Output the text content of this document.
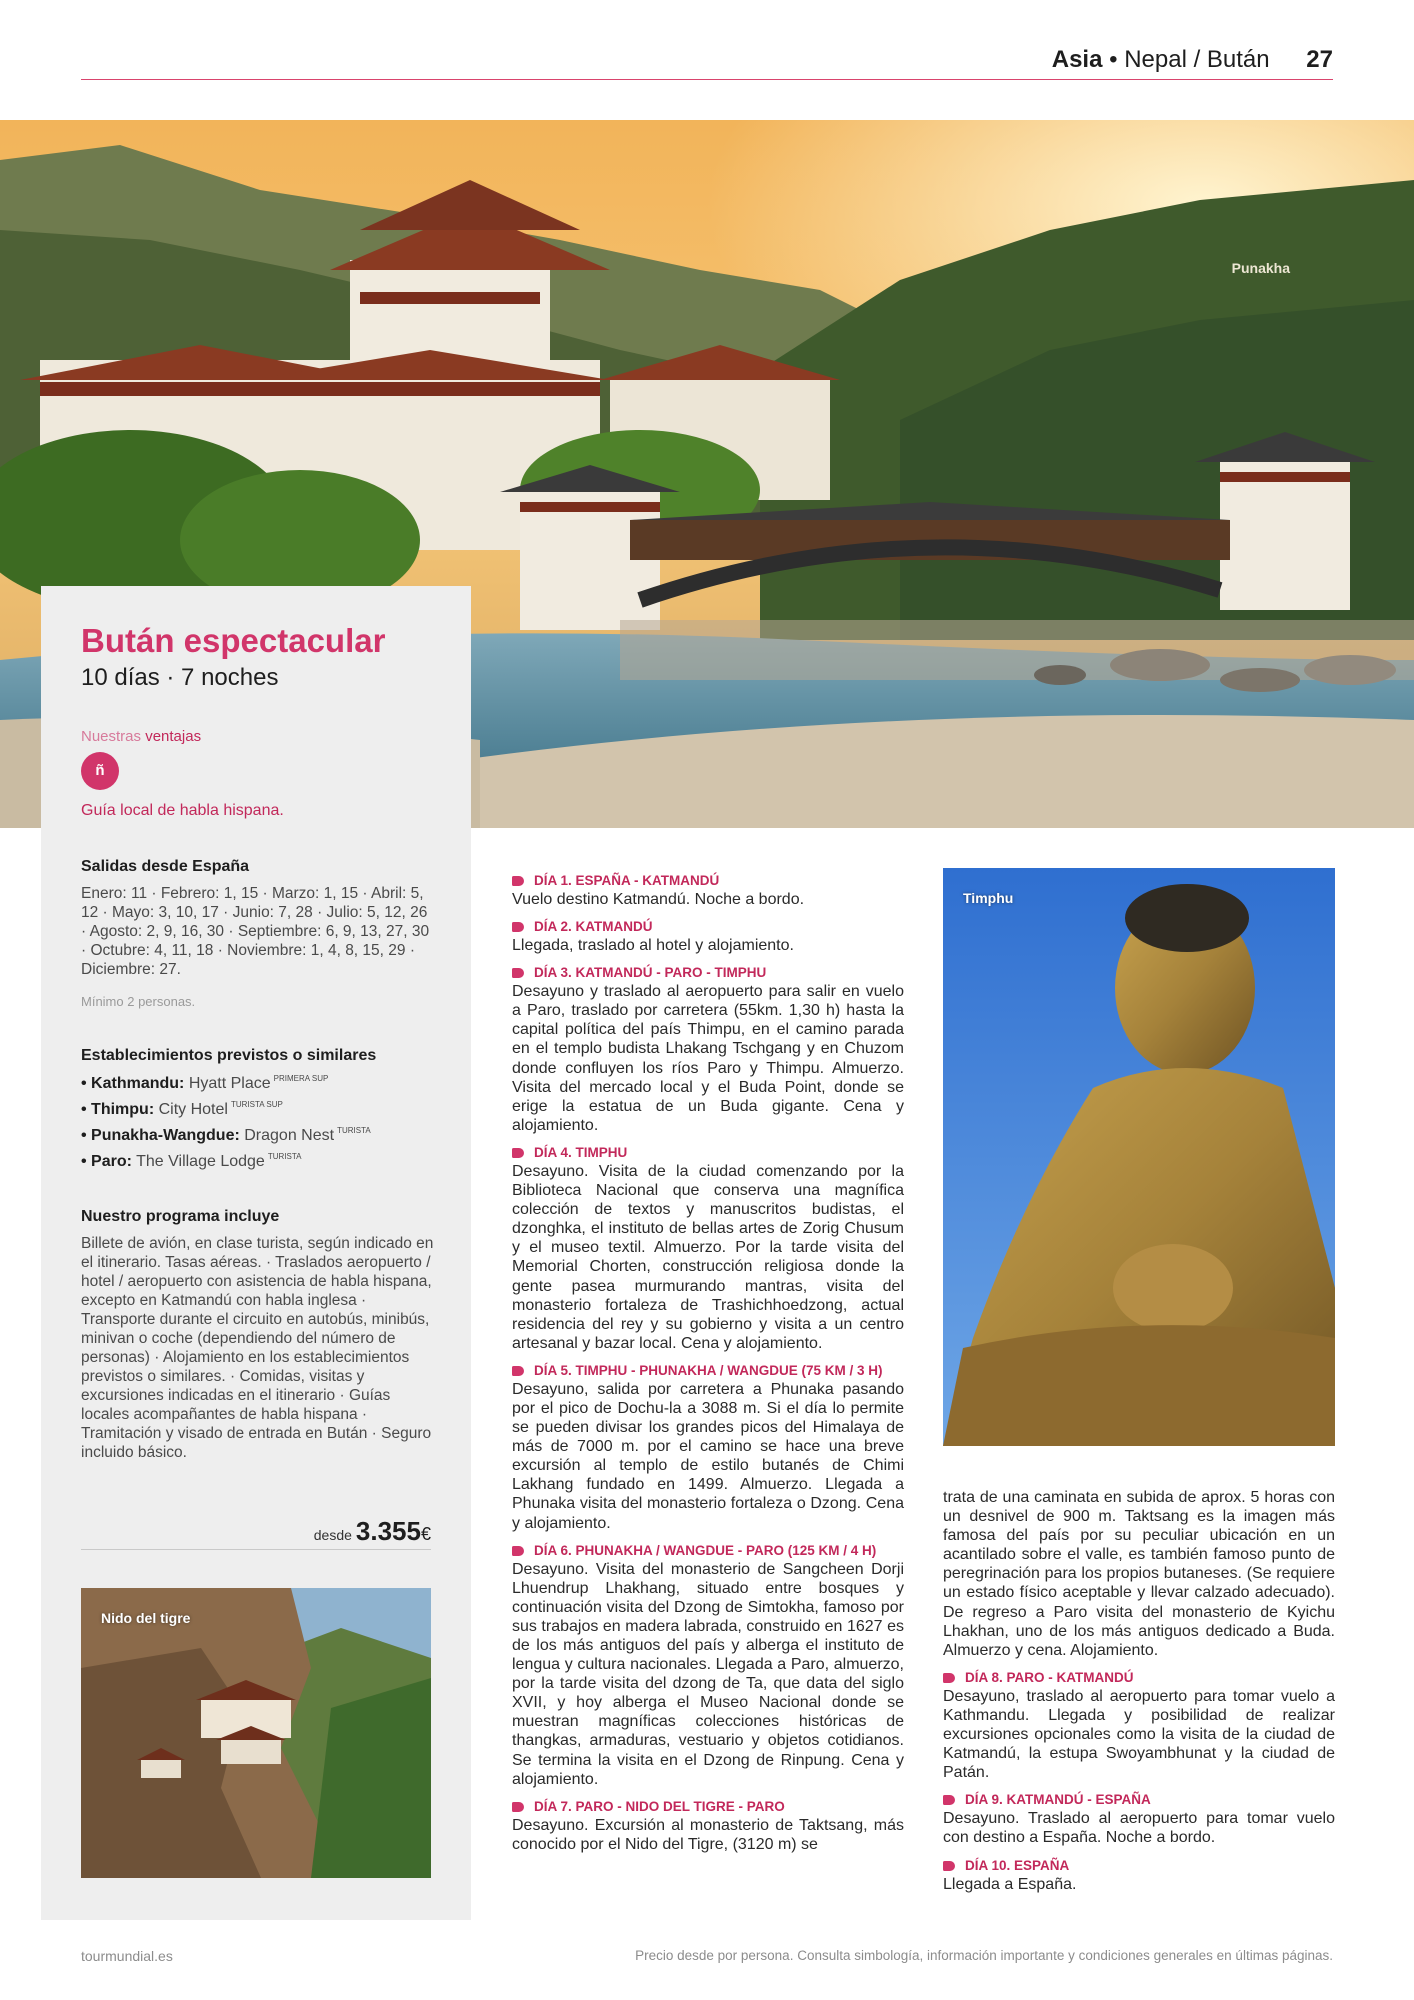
Asia • Nepal / Bután 27
Punakha
Bután espectacular
10 días · 7 noches
Nuestras ventajas
ñ
Guía local de habla hispana.
Salidas desde España
Enero: 11 · Febrero: 1, 15 · Marzo: 1, 15 · Abril: 5, 12 · Mayo: 3, 10, 17 · Junio: 7, 28 · Julio: 5, 12, 26 · Agosto: 2, 9, 16, 30 · Septiembre: 6, 9, 13, 27, 30 · Octubre: 4, 11, 18 · Noviembre: 1, 4, 8, 15, 29 · Diciembre: 27.
Mínimo 2 personas.
Establecimientos previstos o similares
• Kathmandu: Hyatt Place $^{PRIMERA SUP}$
• Thimpu: City Hotel $^{TURISTA SUP}$
• Punakha-Wangdue: Dragon Nest $^{TURISTA}$
• Paro: The Village Lodge $^{TURISTA}$
Nuestro programa incluye
Billete de avión, en clase turista, según indicado en el itinerario. Tasas aéreas. · Traslados aeropuerto / hotel / aeropuerto con asistencia de habla hispana, excepto en Katmandú con habla inglesa · Transporte durante el circuito en autobús, minibús, minivan o coche (dependiendo del número de personas) · Alojamiento en los establecimientos previstos o similares. · Comidas, visitas y excursiones indicadas en el itinerario · Guías locales acompañantes de habla hispana · Tramitación y visado de entrada en Bután · Seguro incluido básico.
desde 3.355€
Nido del tigre
DÍA 1. ESPAÑA - KATMANDÚ
Vuelo destino Katmandú. Noche a bordo.
DÍA 2. KATMANDÚ
Llegada, traslado al hotel y alojamiento.
DÍA 3. KATMANDÚ - PARO - TIMPHU
Desayuno y traslado al aeropuerto para salir en vuelo a Paro, traslado por carretera (55km. 1,30 h) hasta la capital política del país Thimpu, en el camino parada en el templo budista Lhakang Tschgang y en Chuzom donde confluyen los ríos Paro y Thimpu. Almuerzo. Visita del mercado local y el Buda Point, donde se erige la estatua de un Buda gigante. Cena y alojamiento.
DÍA 4. TIMPHU
Desayuno. Visita de la ciudad comenzando por la Biblioteca Nacional que conserva una magnífica colección de textos y manuscritos budistas, el dzonghka, el instituto de bellas artes de Zorig Chusum y el museo textil. Almuerzo. Por la tarde visita del Memorial Chorten, construcción religiosa donde la gente pasea murmurando mantras, visita del monasterio fortaleza de Trashichhoedzong, actual residencia del rey y su gobierno y visita a un centro artesanal y bazar local. Cena y alojamiento.
DÍA 5. TIMPHU - PHUNAKHA / WANGDUE (75 KM / 3 H)
Desayuno, salida por carretera a Phunaka pasando por el pico de Dochu-la a 3088 m. Si el día lo permite se pueden divisar los grandes picos del Himalaya de más de 7000 m. por el camino se hace una breve excursión al templo de estilo butanés de Chimi Lakhang fundado en 1499. Almuerzo. Llegada a Phunaka visita del monasterio fortaleza o Dzong. Cena y alojamiento.
DÍA 6. PHUNAKHA / WANGDUE - PARO (125 KM / 4 H)
Desayuno. Visita del monasterio de Sangcheen Dorji Lhuendrup Lhakhang, situado entre bosques y continuación visita del Dzong de Simtokha, famoso por sus trabajos en madera labrada, construido en 1627 es de los más antiguos del país y alberga el instituto de lengua y cultura nacionales. Llegada a Paro, almuerzo, por la tarde visita del dzong de Ta, que data del siglo XVII, y hoy alberga el Museo Nacional donde se muestran magníficas colecciones históricas de thangkas, armaduras, vestuario y objetos cotidianos. Se termina la visita en el Dzong de Rinpung. Cena y alojamiento.
DÍA 7. PARO - NIDO DEL TIGRE - PARO
Desayuno. Excursión al monasterio de Taktsang, más conocido por el Nido del Tigre, (3120 m) se
Timphu
trata de una caminata en subida de aprox. 5 horas con un desnivel de 900 m. Taktsang es la imagen más famosa del país por su peculiar ubicación en un acantilado sobre el valle, es también famoso punto de peregrinación para los propios butaneses. (Se requiere un estado físico aceptable y llevar calzado adecuado). De regreso a Paro visita del monasterio de Kyichu Lhakhan, uno de los más antiguos dedicado a Buda. Almuerzo y cena. Alojamiento.
DÍA 8. PARO - KATMANDÚ
Desayuno, traslado al aeropuerto para tomar vuelo a Kathmandu. Llegada y posibilidad de realizar excursiones opcionales como la visita de la ciudad de Katmandú, la estupa Swoyambhunat y la ciudad de Patán.
DÍA 9. KATMANDÚ - ESPAÑA
Desayuno. Traslado al aeropuerto para tomar vuelo con destino a España. Noche a bordo.
DÍA 10. ESPAÑA
Llegada a España.
tourmundial.es	Precio desde por persona. Consulta simbología, información importante y condiciones generales en últimas páginas.
